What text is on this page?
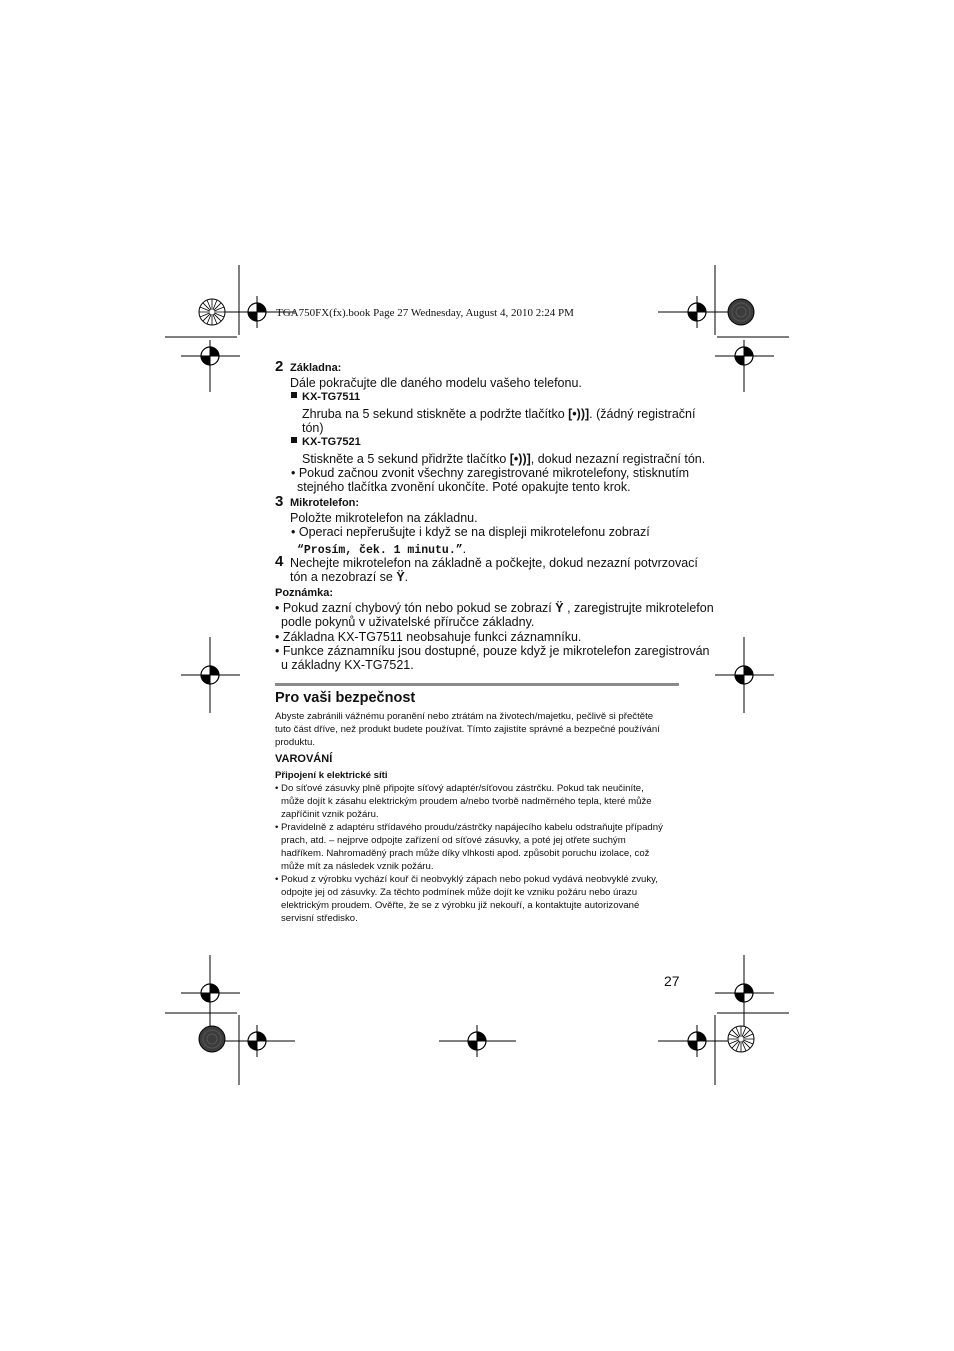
TGA750FX(fx).book Page 27 Wednesday, August 4, 2010 2:24 PM
2 Základna:
Dále pokračujte dle daného modelu vašeho telefonu.
KX-TG7511
Zhruba na 5 sekund stiskněte a podržte tlačítko [•))]. (žádný registrační
tón)
KX-TG7521
Stiskněte a 5 sekund přidržte tlačítko [•))], dokud nezazní registrační tón.
• Pokud začnou zvonit všechny zaregistrované mikrotelefony, stisknutím
stejného tlačítka zvonění ukončíte. Poté opakujte tento krok.
3 Mikrotelefon:
Položte mikrotelefon na základnu.
• Operaci nepřerušujte i když se na displeji mikrotelefonu zobrazí
“Prosím, ček. 1 minutu.”.
4 Nechejte mikrotelefon na základně a počkejte, dokud nezazní potvrzovací
tón a nezobrazí se Ÿ.
Poznámka:
• Pokud zazní chybový tón nebo pokud se zobrazí Ÿ , zaregistrujte mikrotelefon
podle pokynů v uživatelské příručce základny.
• Základna KX-TG7511 neobsahuje funkci záznamníku.
• Funkce záznamníku jsou dostupné, pouze když je mikrotelefon zaregistrován
u základny KX-TG7521.
Pro vaši bezpečnost
Abyste zabránili vážnému poranění nebo ztrátám na životech/majetku, pečlivě si přečtěte
tuto část dříve, než produkt budete používat. Tímto zajistíte správné a bezpečné používání
produktu.
VAROVÁNÍ
Připojení k elektrické síti
• Do síťové zásuvky plně připojte síťový adaptér/síťovou zástrčku. Pokud tak neučiníte,
může dojít k zásahu elektrickým proudem a/nebo tvorbě nadměrného tepla, které může
zapříčinit vznik požáru.
• Pravidelně z adaptéru střídavého proudu/zástrčky napájecího kabelu odstraňujte případný
prach, atd. – nejprve odpojte zařízení od síťové zásuvky, a poté jej otřete suchým
hadříkem. Nahromaděný prach může díky vlhkosti apod. způsobit poruchu izolace, což
může mít za následek vznik požáru.
• Pokud z výrobku vychází kouř či neobvyklý zápach nebo pokud vydává neobvyklé zvuky,
odpojte jej od zásuvky. Za těchto podmínek může dojít ke vzniku požáru nebo úrazu
elektrickým proudem. Ověřte, že se z výrobku již nekouří, a kontaktujte autorizované
servisní středisko.
27
